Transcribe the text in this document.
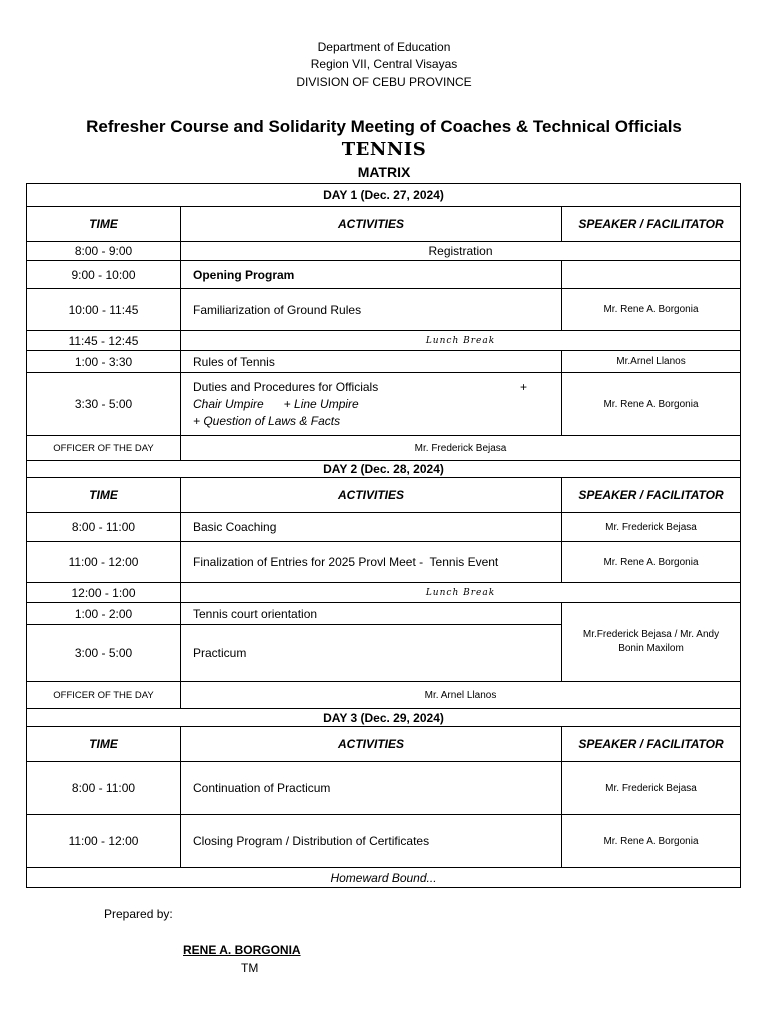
Department of Education
Region VII, Central Visayas
DIVISION OF CEBU PROVINCE
Refresher Course and Solidarity Meeting of Coaches & Technical Officials
TENNIS
MATRIX
DAY 1 (Dec. 27, 2024)		
TIME	ACTIVITIES	SPEAKER / FACILITATOR
8:00 - 9:00	Registration	
9:00 - 10:00	Opening Program	
10:00 - 11:45	Familiarization of Ground Rules	Mr. Rene A. Borgonia
11:45 - 12:45	Lunch Break	
1:00 - 3:30	Rules of Tennis	Mr.Arnel Llanos
3:30 - 5:00	Duties and Procedures for Officials +
Chair Umpire      + Line Umpire
+ Question of Laws & Facts	Mr. Rene A. Borgonia
OFFICER OF THE DAY	Mr. Frederick Bejasa	
DAY 2 (Dec. 28, 2024)		
TIME	ACTIVITIES	SPEAKER / FACILITATOR
8:00 - 11:00	Basic Coaching	Mr. Frederick Bejasa
11:00 - 12:00	Finalization of Entries for 2025 Provl Meet -  Tennis Event	Mr. Rene A. Borgonia
12:00 - 1:00	Lunch Break	
1:00 - 2:00	Tennis court orientation	Mr.Frederick Bejasa / Mr. Andy
Bonin Maxilom

3:00 - 5:00	Practicum	
OFFICER OF THE DAY	Mr. Arnel Llanos	
DAY 3 (Dec. 29, 2024)		
TIME	ACTIVITIES	SPEAKER / FACILITATOR
8:00 - 11:00	Continuation of Practicum	Mr. Frederick Bejasa
11:00 - 12:00	Closing Program / Distribution of Certificates	Mr. Rene A. Borgonia
Homeward Bound...		
Prepared by:
RENE A. BORGONIA
TM
